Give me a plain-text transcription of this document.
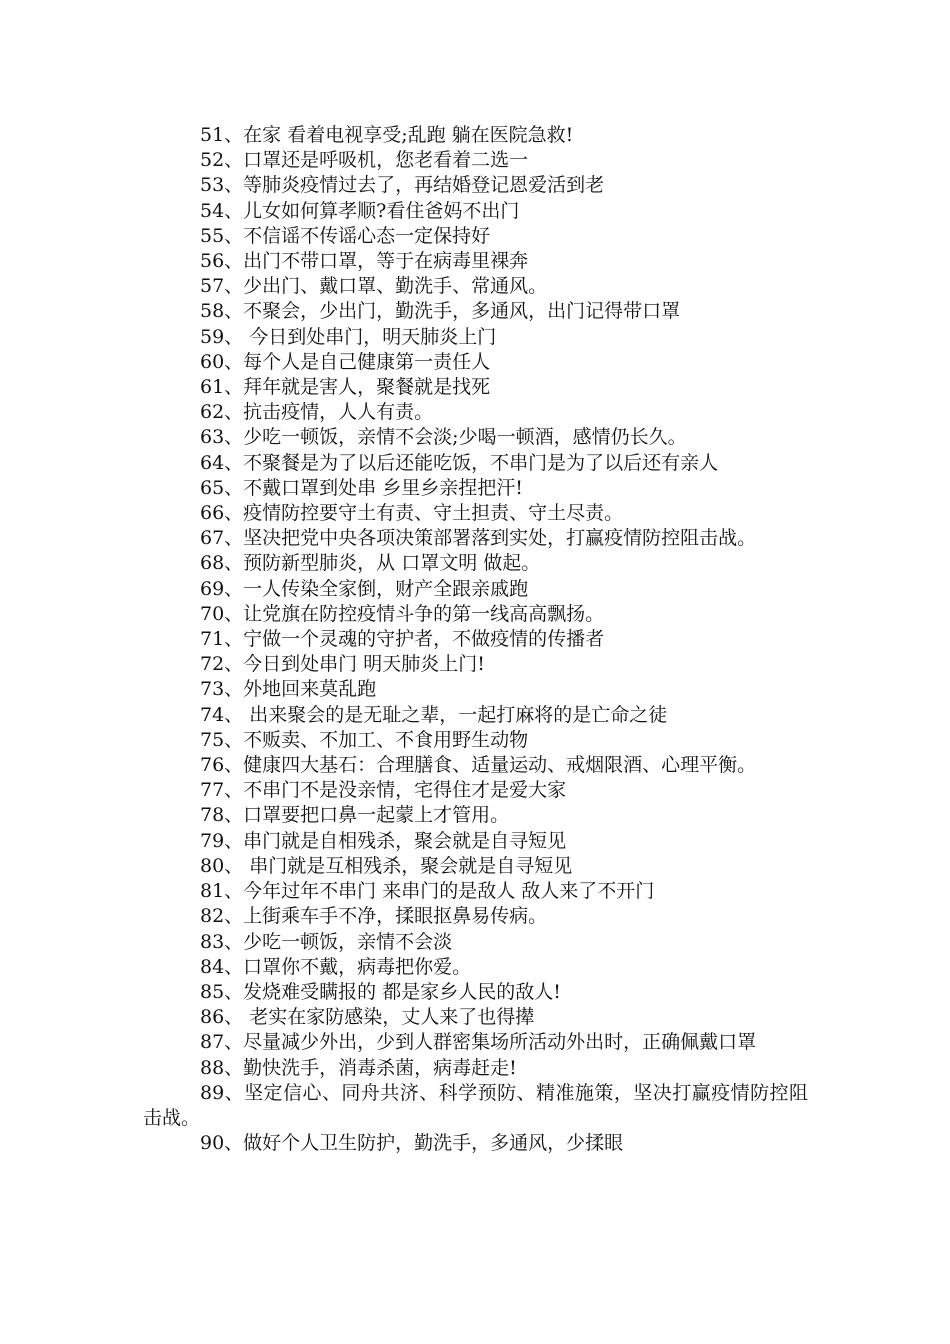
51、在家 看着电视享受;乱跑 躺在医院急救!

52、口罩还是呼吸机，您老看着二选一

53、等肺炎疫情过去了，再结婚登记恩爱活到老

54、儿女如何算孝顺?看住爸妈不出门

55、不信谣不传谣心态一定保持好

56、出门不带口罩，等于在病毒里裸奔

57、少出门、戴口罩、勤洗手、常通风。

58、不聚会，少出门，勤洗手，多通风，出门记得带口罩

59、 今日到处串门，明天肺炎上门

60、每个人是自己健康第一责任人

61、拜年就是害人，聚餐就是找死

62、抗击疫情，人人有责。

63、少吃一顿饭，亲情不会淡;少喝一顿酒，感情仍长久。

64、不聚餐是为了以后还能吃饭，不串门是为了以后还有亲人

65、不戴口罩到处串 乡里乡亲捏把汗!

66、疫情防控要守土有责、守土担责、守土尽责。

67、坚决把党中央各项决策部署落到实处，打赢疫情防控阻击战。

68、预防新型肺炎，从 口罩文明 做起。

69、一人传染全家倒，财产全跟亲戚跑

70、让党旗在防控疫情斗争的第一线高高飘扬。

71、宁做一个灵魂的守护者，不做疫情的传播者

72、今日到处串门 明天肺炎上门!

73、外地回来莫乱跑

74、 出来聚会的是无耻之辈，一起打麻将的是亡命之徒

75、不贩卖、不加工、不食用野生动物

76、健康四大基石：合理膳食、适量运动、戒烟限酒、心理平衡。

77、不串门不是没亲情，宅得住才是爱大家

78、口罩要把口鼻一起蒙上才管用。

79、串门就是自相残杀，聚会就是自寻短见

80、 串门就是互相残杀，聚会就是自寻短见

81、今年过年不串门 来串门的是敌人 敌人来了不开门

82、上街乘车手不净，揉眼抠鼻易传病。

83、少吃一顿饭，亲情不会淡

84、口罩你不戴，病毒把你爱。

85、发烧难受瞒报的 都是家乡人民的敌人!

86、 老实在家防感染，丈人来了也得撵

87、尽量减少外出，少到人群密集场所活动外出时，正确佩戴口罩

88、勤快洗手，消毒杀菌，病毒赶走!

89、坚定信心、同舟共济、科学预防、精准施策，坚决打赢疫情防控阻击战。

90、做好个人卫生防护，勤洗手，多通风，少揉眼
